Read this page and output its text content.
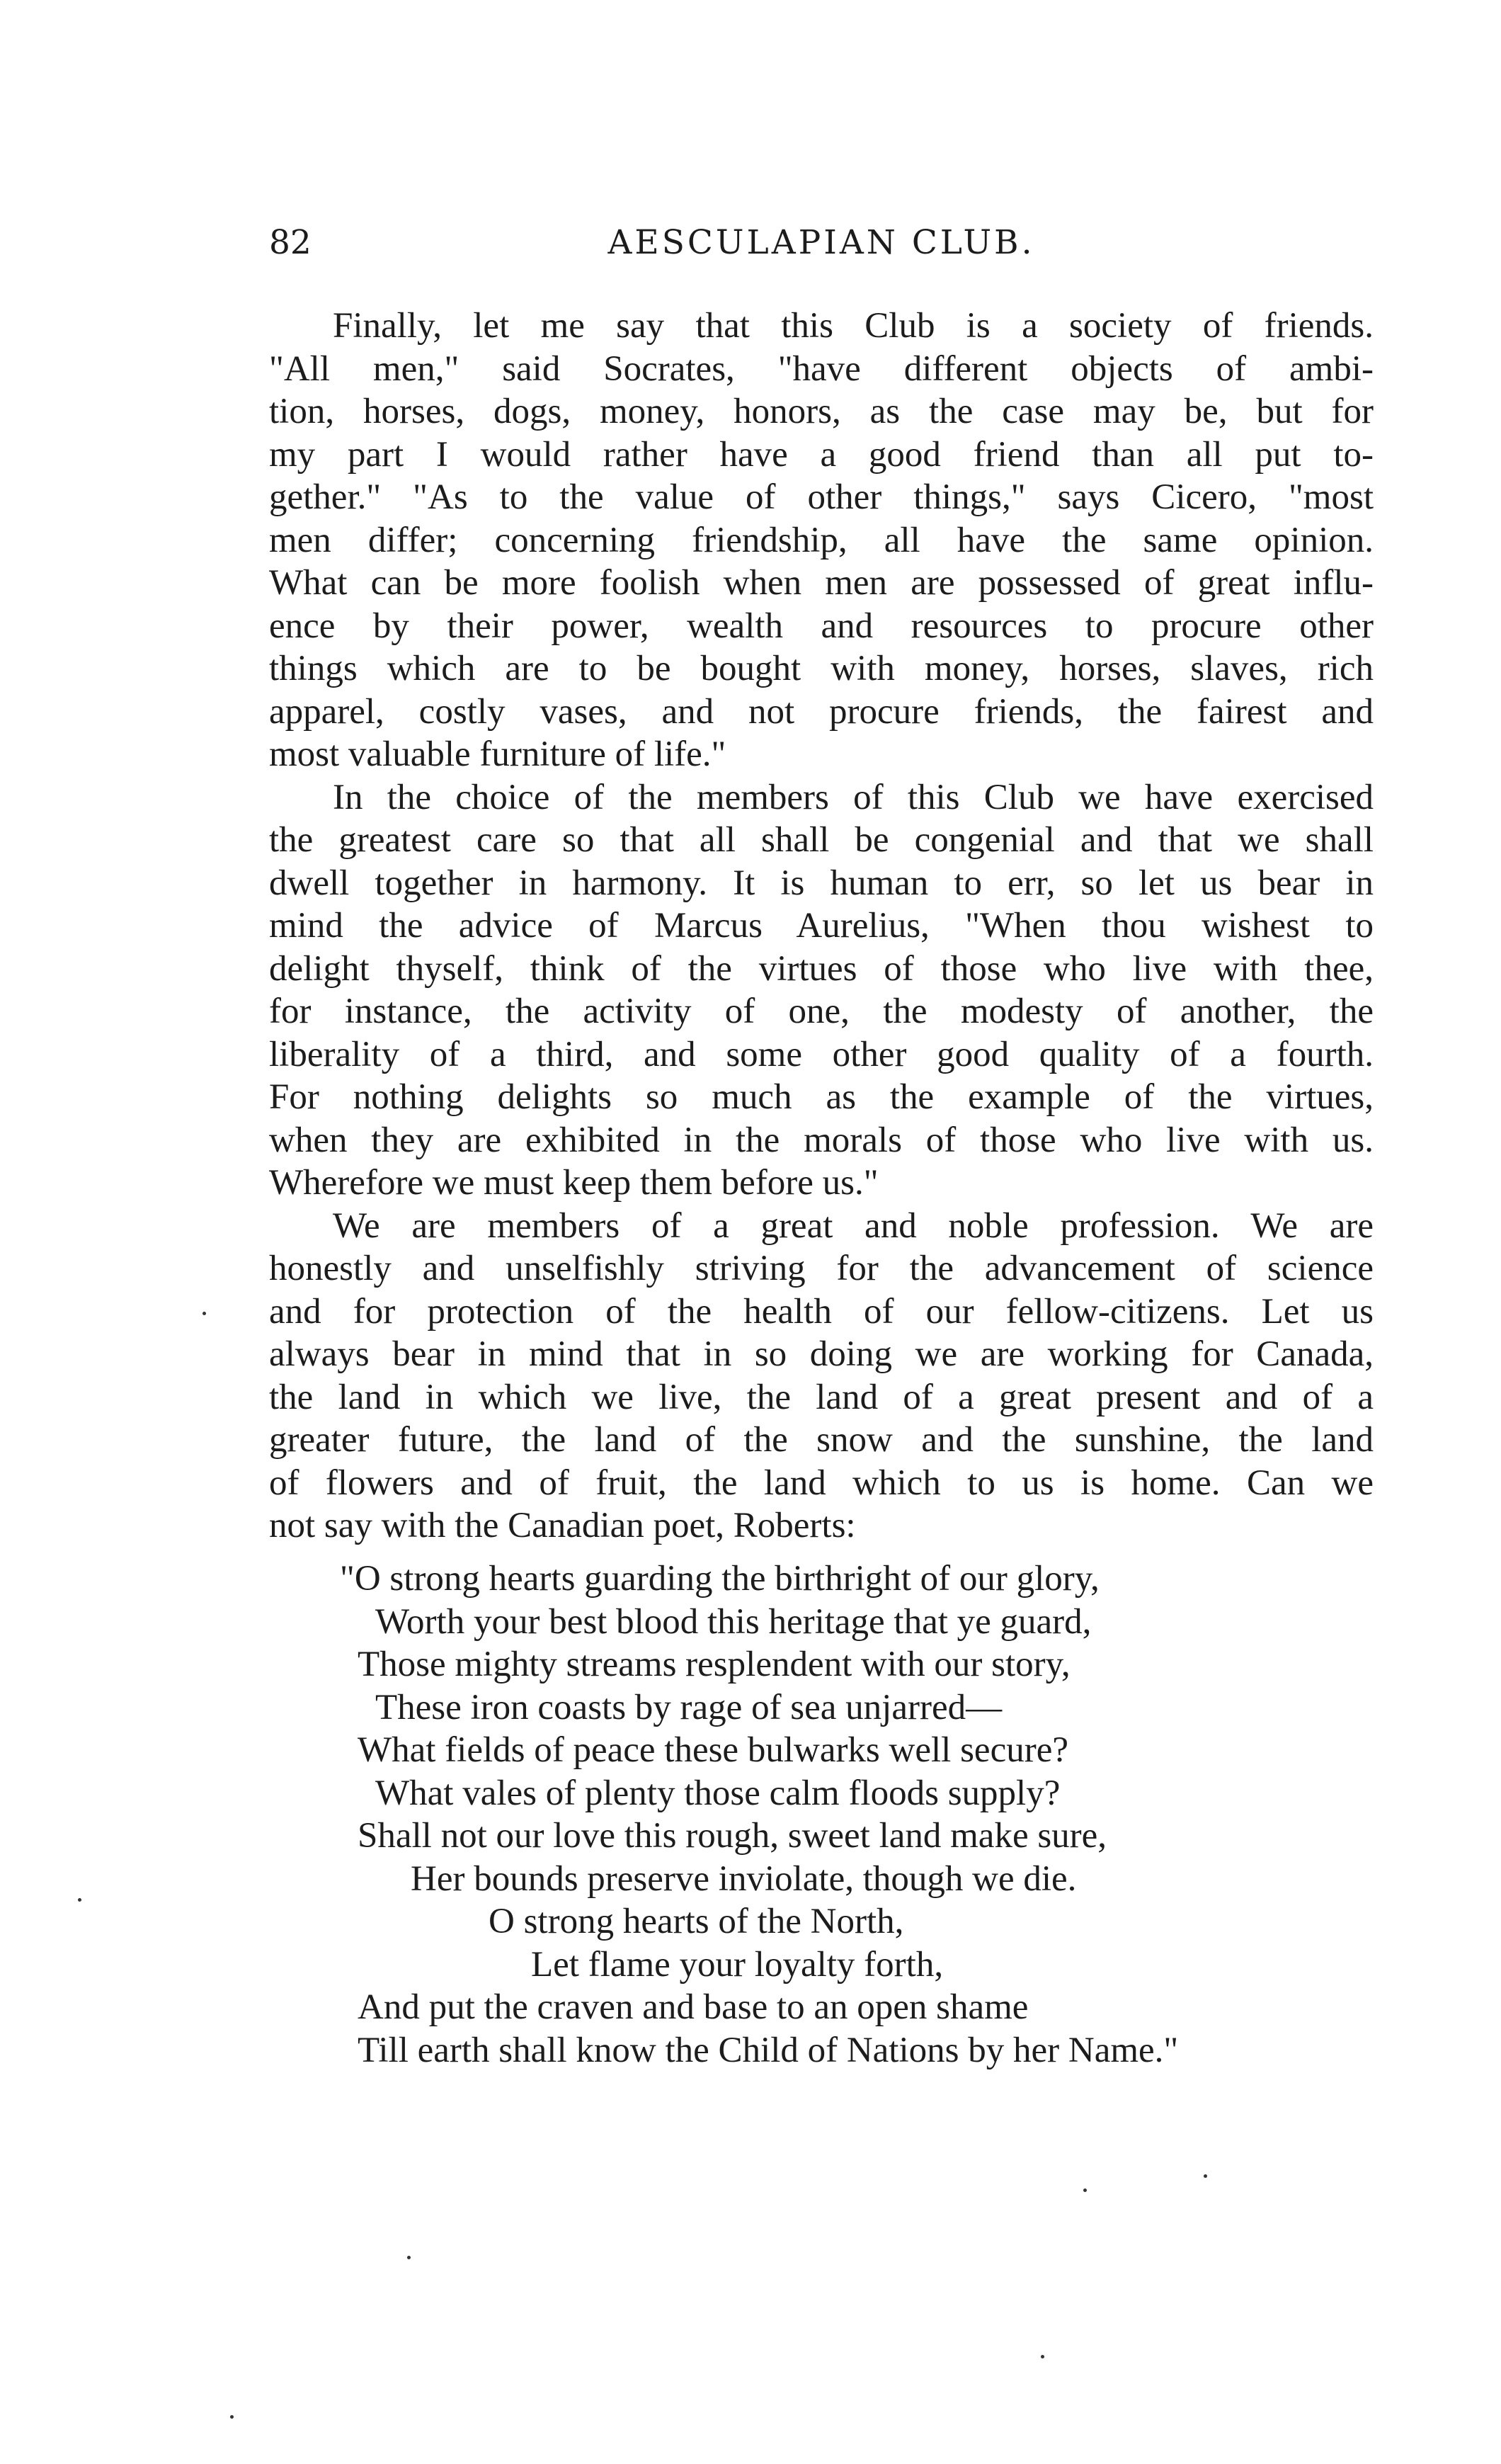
82	AESCULAPIAN CLUB.
Finally, let me say that this Club is a society of friends.
"All men," said Socrates, "have different objects of ambi-
tion, horses, dogs, money, honors, as the case may be, but for
my part I would rather have a good friend than all put to-
gether." "As to the value of other things," says Cicero, "most
men differ; concerning friendship, all have the same opinion.
What can be more foolish when men are possessed of great influ-
ence by their power, wealth and resources to procure other
things which are to be bought with money, horses, slaves, rich
apparel, costly vases, and not procure friends, the fairest and
most valuable furniture of life."
In the choice of the members of this Club we have exercised
the greatest care so that all shall be congenial and that we shall
dwell together in harmony. It is human to err, so let us bear in
mind the advice of Marcus Aurelius, "When thou wishest to
delight thyself, think of the virtues of those who live with thee,
for instance, the activity of one, the modesty of another, the
liberality of a third, and some other good quality of a fourth.
For nothing delights so much as the example of the virtues,
when they are exhibited in the morals of those who live with us.
Wherefore we must keep them before us."
We are members of a great and noble profession. We are
honestly and unselfishly striving for the advancement of science
and for protection of the health of our fellow-citizens. Let us
always bear in mind that in so doing we are working for Canada,
the land in which we live, the land of a great present and of a
greater future, the land of the snow and the sunshine, the land
of flowers and of fruit, the land which to us is home. Can we
not say with the Canadian poet, Roberts:
"O strong hearts guarding the birthright of our glory,
Worth your best blood this heritage that ye guard,
Those mighty streams resplendent with our story,
These iron coasts by rage of sea unjarred—
What fields of peace these bulwarks well secure?
What vales of plenty those calm floods supply?
Shall not our love this rough, sweet land make sure,
Her bounds preserve inviolate, though we die.
O strong hearts of the North,
Let flame your loyalty forth,
And put the craven and base to an open shame
Till earth shall know the Child of Nations by her Name."
